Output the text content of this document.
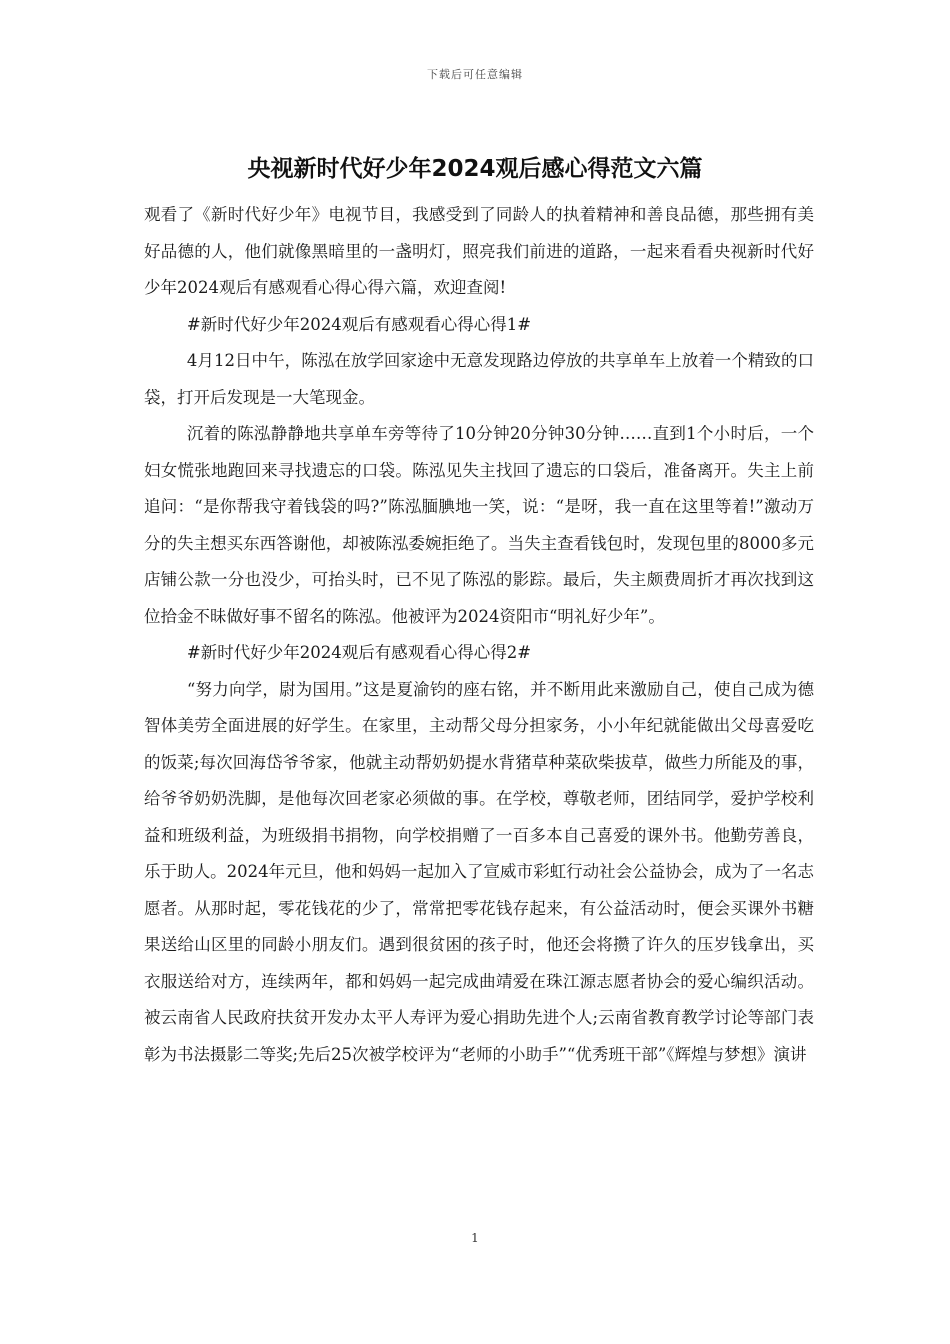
下载后可任意编辑
央视新时代好少年2024观后感心得范文六篇

观看了《新时代好少年》电视节目，我感受到了同龄人的执着精神和善良品德，那些拥有美好品德的人，他们就像黑暗里的一盏明灯，照亮我们前进的道路，一起来看看央视新时代好少年2024观后有感观看心得心得六篇，欢迎查阅!

#新时代好少年2024观后有感观看心得心得1#

4月12日中午，陈泓在放学回家途中无意发现路边停放的共享单车上放着一个精致的口袋，打开后发现是一大笔现金。

沉着的陈泓静静地共享单车旁等待了10分钟20分钟30分钟……直到1个小时后，一个妇女慌张地跑回来寻找遗忘的口袋。陈泓见失主找回了遗忘的口袋后，准备离开。失主上前追问：“是你帮我守着钱袋的吗?”陈泓腼腆地一笑，说：“是呀，我一直在这里等着!”激动万分的失主想买东西答谢他，却被陈泓委婉拒绝了。当失主查看钱包时，发现包里的8000多元店铺公款一分也没少，可抬头时，已不见了陈泓的影踪。最后，失主颇费周折才再次找到这位拾金不昧做好事不留名的陈泓。他被评为2024资阳市“明礼好少年”。

#新时代好少年2024观后有感观看心得心得2#

“努力向学，尉为国用。”这是夏渝钧的座右铭，并不断用此来激励自己，使自己成为德智体美劳全面进展的好学生。在家里，主动帮父母分担家务，小小年纪就能做出父母喜爱吃的饭菜;每次回海岱爷爷家，他就主动帮奶奶提水背猪草种菜砍柴拔草，做些力所能及的事，给爷爷奶奶洗脚，是他每次回老家必须做的事。在学校，尊敬老师，团结同学，爱护学校利益和班级利益，为班级捐书捐物，向学校捐赠了一百多本自己喜爱的课外书。他勤劳善良，乐于助人。2024年元旦，他和妈妈一起加入了宣威市彩虹行动社会公益协会，成为了一名志愿者。从那时起，零花钱花的少了，常常把零花钱存起来，有公益活动时，便会买课外书糖果送给山区里的同龄小朋友们。遇到很贫困的孩子时，他还会将攒了许久的压岁钱拿出，买衣服送给对方，连续两年，都和妈妈一起完成曲靖爱在珠江源志愿者协会的爱心编织活动。被云南省人民政府扶贫开发办太平人寿评为爱心捐助先进个人;云南省教育教学讨论等部门表彰为书法摄影二等奖;先后25次被学校评为“老师的小助手”“优秀班干部”《辉煌与梦想》演讲

1
